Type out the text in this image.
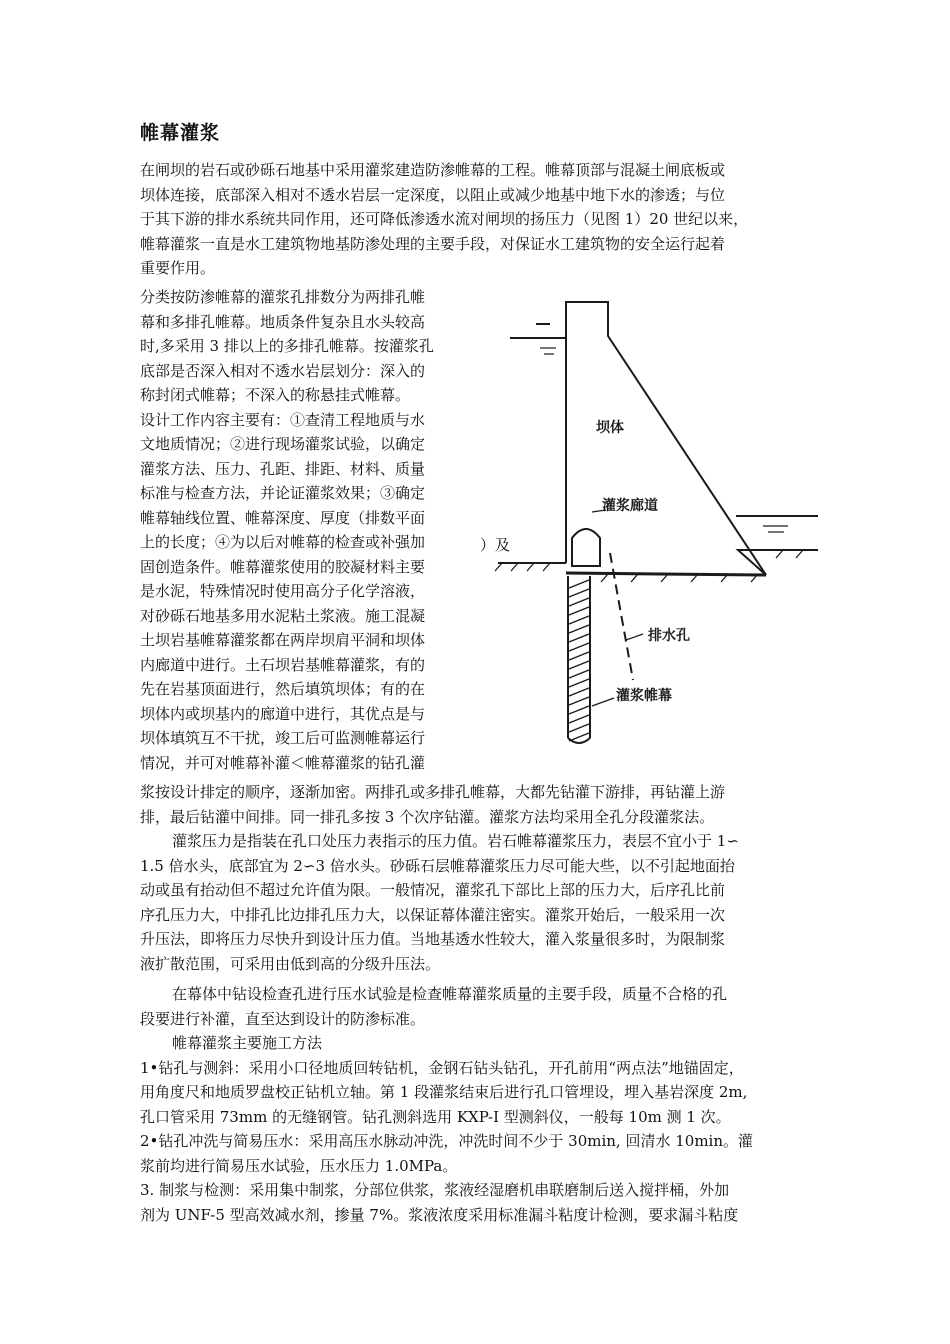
帷幕灌浆
在闸坝的岩石或砂砾石地基中采用灌浆建造防渗帷幕的工程。帷幕顶部与混凝土闸底板或
坝体连接，底部深入相对不透水岩层一定深度，以阻止或减少地基中地下水的渗透；与位
于其下游的排水系统共同作用，还可降低渗透水流对闸坝的扬压力（见图 1）20 世纪以来，
帷幕灌浆一直是水工建筑物地基防渗处理的主要手段，对保证水工建筑物的安全运行起着
重要作用。
分类按防渗帷幕的灌浆孔排数分为两排孔帷
幕和多排孔帷幕。地质条件复杂且水头较高
时,多采用 3 排以上的多排孔帷幕。按灌浆孔
底部是否深入相对不透水岩层划分：深入的
称封闭式帷幕；不深入的称悬挂式帷幕。
设计工作内容主要有：①查清工程地质与水
文地质情况；②进行现场灌浆试验，以确定
灌浆方法、压力、孔距、排距、材料、质量
标准与检查方法，并论证灌浆效果；③确定
帷幕轴线位置、帷幕深度、厚度（排数平面
上的长度；④为以后对帷幕的检查或补强加
固创造条件。帷幕灌浆使用的胶凝材料主要
是水泥，特殊情况时使用高分子化学溶液，
对砂砾石地基多用水泥粘土浆液。施工混凝
土坝岩基帷幕灌浆都在两岸坝肩平洞和坝体
内廊道中进行。土石坝岩基帷幕灌浆，有的
先在岩基顶面进行，然后填筑坝体；有的在
坝体内或坝基内的廊道中进行，其优点是与
坝体填筑互不干扰，竣工后可监测帷幕运行
情况，并可对帷幕补灌＜帷幕灌浆的钻孔灌
）及
坝体
灌浆廊道
排水孔
灌浆帷幕
浆按设计排定的顺序，逐渐加密。两排孔或多排孔帷幕，大都先钻灌下游排，再钻灌上游
排，最后钻灌中间排。同一排孔多按 3 个次序钻灌。灌浆方法均采用全孔分段灌浆法。
灌浆压力是指装在孔口处压力表指示的压力值。岩石帷幕灌浆压力，表层不宜小于 1∽
1.5 倍水头，底部宜为 2∽3 倍水头。砂砾石层帷幕灌浆压力尽可能大些，以不引起地面抬
动或虽有抬动但不超过允许值为限。一般情况，灌浆孔下部比上部的压力大，后序孔比前
序孔压力大，中排孔比边排孔压力大，以保证幕体灌注密实。灌浆开始后，一般采用一次
升压法，即将压力尽快升到设计压力值。当地基透水性较大，灌入浆量很多时，为限制浆
液扩散范围，可采用由低到高的分级升压法。
在幕体中钻设检查孔进行压水试验是检查帷幕灌浆质量的主要手段，质量不合格的孔
段要进行补灌，直至达到设计的防渗标准。
帷幕灌浆主要施工方法
1•钻孔与测斜：采用小口径地质回转钻机，金钢石钻头钻孔，开孔前用“两点法”地锚固定，
用角度尺和地质罗盘校正钻机立轴。第 1 段灌浆结束后进行孔口管埋设，埋入基岩深度 2m,
孔口管采用 73mm 的无缝钢管。钻孔测斜选用 KXP-I 型测斜仪，一般每 10m 测 1 次。
2•钻孔冲洗与简易压水：采用高压水脉动冲洗，冲洗时间不少于 30min, 回清水 10min。灌
浆前均进行简易压水试验，压水压力 1.0MPa。
3. 制浆与检测：采用集中制浆，分部位供浆，浆液经湿磨机串联磨制后送入搅拌桶，外加
剂为 UNF-5 型高效减水剂，掺量 7%。浆液浓度采用标准漏斗粘度计检测，要求漏斗粘度
